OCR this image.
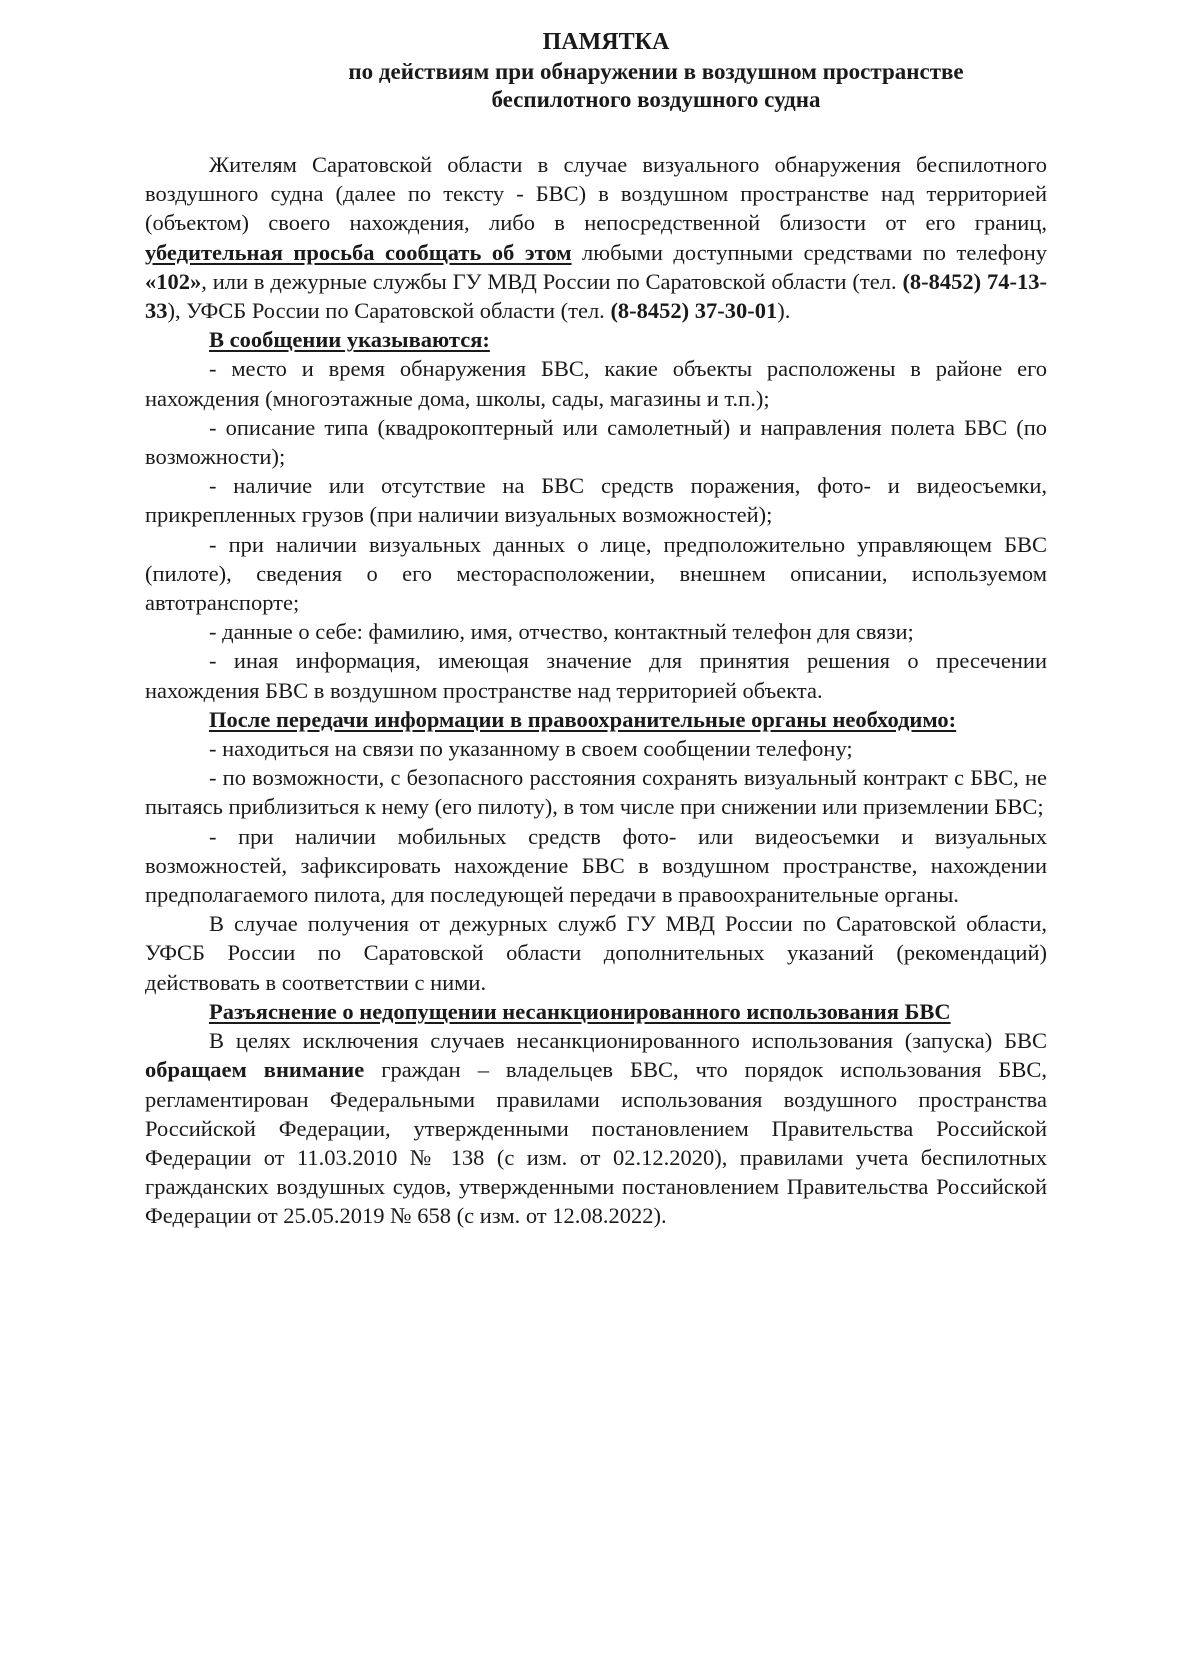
ПАМЯТКА
по действиям при обнаружении в воздушном пространстве
беспилотного воздушного судна

Жителям Саратовской области в случае визуального обнаружения беспилотного воздушного судна (далее по тексту - БВС) в воздушном пространстве над территорией (объектом) своего нахождения, либо в непосредственной близости от его границ, убедительная просьба сообщать об этом любыми доступными средствами по телефону «102», или в дежурные службы ГУ МВД России по Саратовской области (тел. (8-8452) 74-13-33), УФСБ России по Саратовской области (тел. (8-8452) 37-30-01).

В сообщении указываются:

- место и время обнаружения БВС, какие объекты расположены в районе его нахождения (многоэтажные дома, школы, сады, магазины и т.п.);

- описание типа (квадрокоптерный или самолетный) и направления полета БВС (по возможности);

- наличие или отсутствие на БВС средств поражения, фото- и видеосъемки, прикрепленных грузов (при наличии визуальных возможностей);

- при наличии визуальных данных о лице, предположительно управляющем БВС (пилоте), сведения о его месторасположении, внешнем описании, используемом автотранспорте;

- данные о себе: фамилию, имя, отчество, контактный телефон для связи;

- иная информация, имеющая значение для принятия решения о пресечении нахождения БВС в воздушном пространстве над территорией объекта.

После передачи информации в правоохранительные органы необходимо:

- находиться на связи по указанному в своем сообщении телефону;

- по возможности, с безопасного расстояния сохранять визуальный контракт с БВС, не пытаясь приблизиться к нему (его пилоту), в том числе при снижении или приземлении БВС;

- при наличии мобильных средств фото- или видеосъемки и визуальных возможностей, зафиксировать нахождение БВС в воздушном пространстве, нахождении предполагаемого пилота, для последующей передачи в правоохранительные органы.

В случае получения от дежурных служб ГУ МВД России по Саратовской области, УФСБ России по Саратовской области дополнительных указаний (рекомендаций) действовать в соответствии с ними.

Разъяснение о недопущении несанкционированного использования БВС

В целях исключения случаев несанкционированного использования (запуска) БВС обращаем внимание граждан – владельцев БВС, что порядок использования БВС, регламентирован Федеральными правилами использования воздушного пространства Российской Федерации, утвержденными постановлением Правительства Российской Федерации от 11.03.2010 № 138 (с изм. от 02.12.2020), правилами учета беспилотных гражданских воздушных судов, утвержденными постановлением Правительства Российской Федерации от 25.05.2019 № 658 (с изм. от 12.08.2022).
